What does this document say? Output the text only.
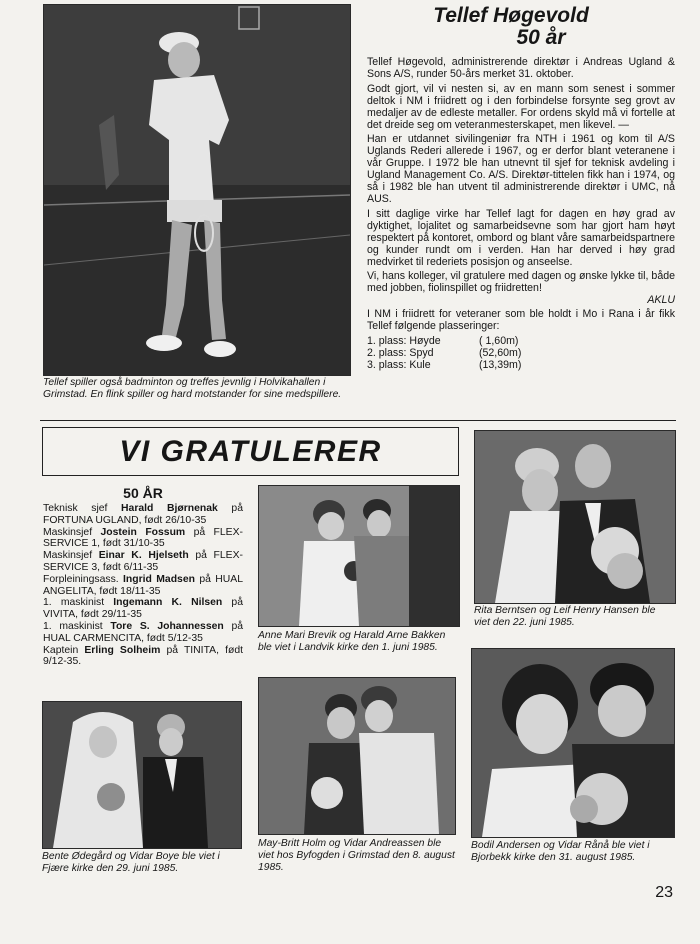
Tellef spiller også badminton og treffes jevnlig i Holvikahallen i Grimstad. En flink spiller og hard motstander for sine medspillere.

Tellef Høgevold

50 år

Tellef Høgevold, administrerende direktør i Andreas Ugland & Sons A/S, runder 50-års merket 31. oktober.

Godt gjort, vil vi nesten si, av en mann som senest i sommer deltok i NM i friidrett og i den forbindelse forsynte seg grovt av medaljer av de edleste metaller. For ordens skyld må vi fortelle at det dreide seg om veteranmesterskapet, men likevel. —

Han er utdannet sivilingeniør fra NTH i 1961 og kom til A/S Uglands Rederi allerede i 1967, og er derfor blant veteranene i vår Gruppe. I 1972 ble han utnevnt til sjef for teknisk avdeling i Ugland Management Co. A/S. Direktør-tittelen fikk han i 1974, og så i 1982 ble han utvent til administrerende direktør i UMC, nå AUS.

I sitt daglige virke har Tellef lagt for dagen en høy grad av dyktighet, lojalitet og samarbeidsevne som har gjort ham høyt respektert på kontoret, ombord og blant våre samarbeidspartnere og kunder rundt om i verden. Han har derved i høy grad medvirket til rederiets posisjon og anseelse.

Vi, hans kolleger, vil gratulere med dagen og ønske lykke til, både med jobben, fiolinspillet og friidretten!

AKLU

I NM i friidrett for veteraner som ble holdt i Mo i Rana i år fikk Tellef følgende plasseringer:

1. plass: Høyde	( 1,60m)
2. plass: Spyd	(52,60m)
3. plass: Kule	(13,39m)
VI GRATULERER

50 ÅR

Teknisk sjef Harald Bjørnenak på FORTUNA UGLAND, født 26/10-35

Maskinsjef Jostein Fossum på FLEX-SERVICE 1, født 31/10-35

Maskinsjef Einar K. Hjelseth på FLEX-SERVICE 3, født 6/11-35

Forpleiningsass. Ingrid Madsen på HUAL ANGELITA, født 18/11-35

1. maskinist Ingemann K. Nilsen på VIVITA, født 29/11-35

1. maskinist Tore S. Johannessen på HUAL CARMENCITA, født 5/12-35

Kaptein Erling Solheim på TINITA, født 9/12-35.

Rita Berntsen og Leif Henry Hansen ble viet den 22. juni 1985.
Anne Mari Brevik og Harald Arne Bakken ble viet i Landvik kirke den 1. juni 1985.
Bodil Andersen og Vidar Rånå ble viet i Bjorbekk kirke den 31. august 1985.
Bente Ødegård og Vidar Boye ble viet i Fjære kirke den 29. juni 1985.
May-Britt Holm og Vidar Andreassen ble viet hos Byfogden i Grimstad den 8. august 1985.
23
